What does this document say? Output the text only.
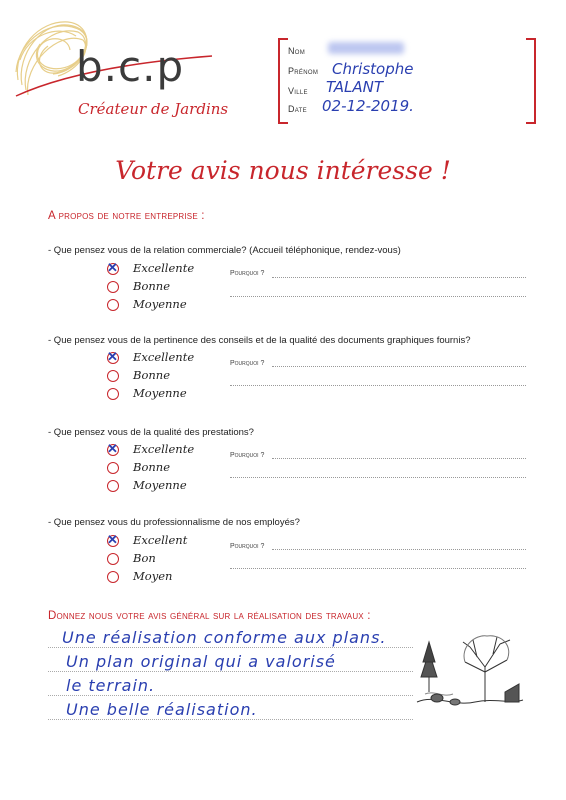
b.c.p
Créateur de Jardins
Nom
Prénom Christophe
Ville TALANT
Date 02-12-2019.
Votre avis nous intéresse !
A propos de notre entreprise :
- Que pensez vous de la relation commerciale? (Accueil téléphonique, rendez-vous)
✕ Excellente
Bonne
Moyenne
Pourquoi ?
- Que pensez vous de la pertinence des conseils et de la qualité des documents graphiques fournis?
✕ Excellente
Bonne
Moyenne
Pourquoi ?
- Que pensez vous de la qualité des prestations?
✕ Excellente
Bonne
Moyenne
Pourquoi ?
- Que pensez vous du professionnalisme de nos employés?
✕ Excellent
Bon
Moyen
Pourquoi ?
Donnez nous votre avis général sur la réalisation des travaux :
Une réalisation conforme aux plans.
Un plan original qui a valorisé
le terrain.
Une belle réalisation.
